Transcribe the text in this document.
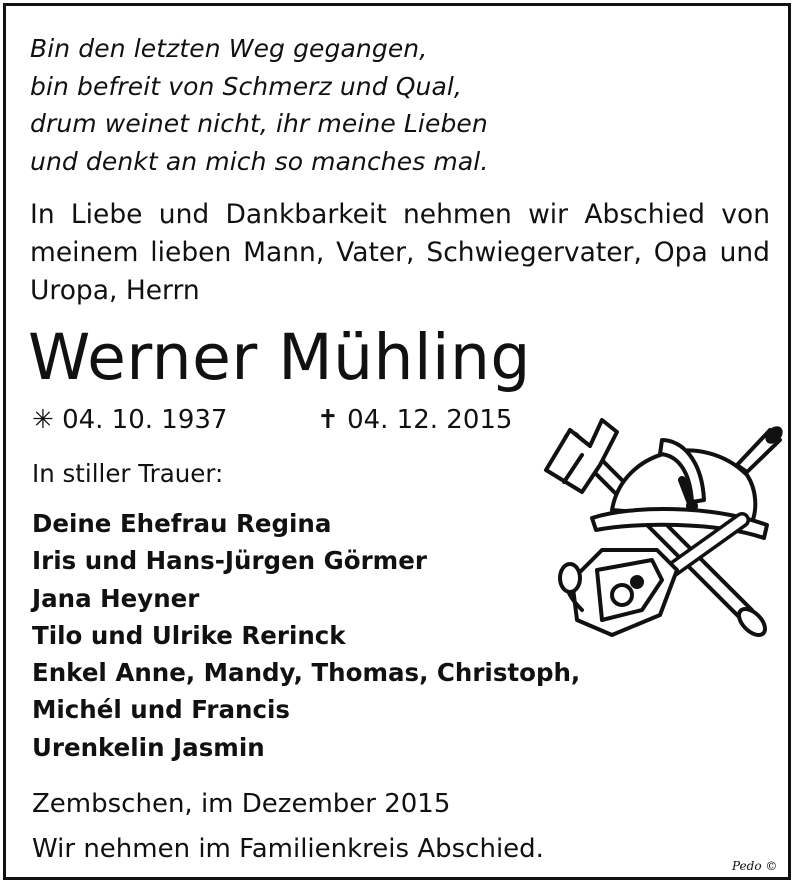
Bin den letzten Weg gegangen,
bin befreit von Schmerz und Qual,
drum weinet nicht, ihr meine Lieben
und denkt an mich so manches mal.
In Liebe und Dankbarkeit nehmen wir Abschied von
meinem lieben Mann, Vater, Schwiegervater, Opa und
Uropa, Herrn
Werner Mühling
✳ 04. 10. 1937	✝ 04. 12. 2015
In stiller Trauer:
Deine Ehefrau Regina
Iris und Hans-Jürgen Görmer
Jana Heyner
Tilo und Ulrike Rerinck
Enkel Anne, Mandy, Thomas, Christoph,
Michél und Francis
Urenkelin Jasmin
Zembschen, im Dezember 2015
Wir nehmen im Familienkreis Abschied.
Pedo ©
